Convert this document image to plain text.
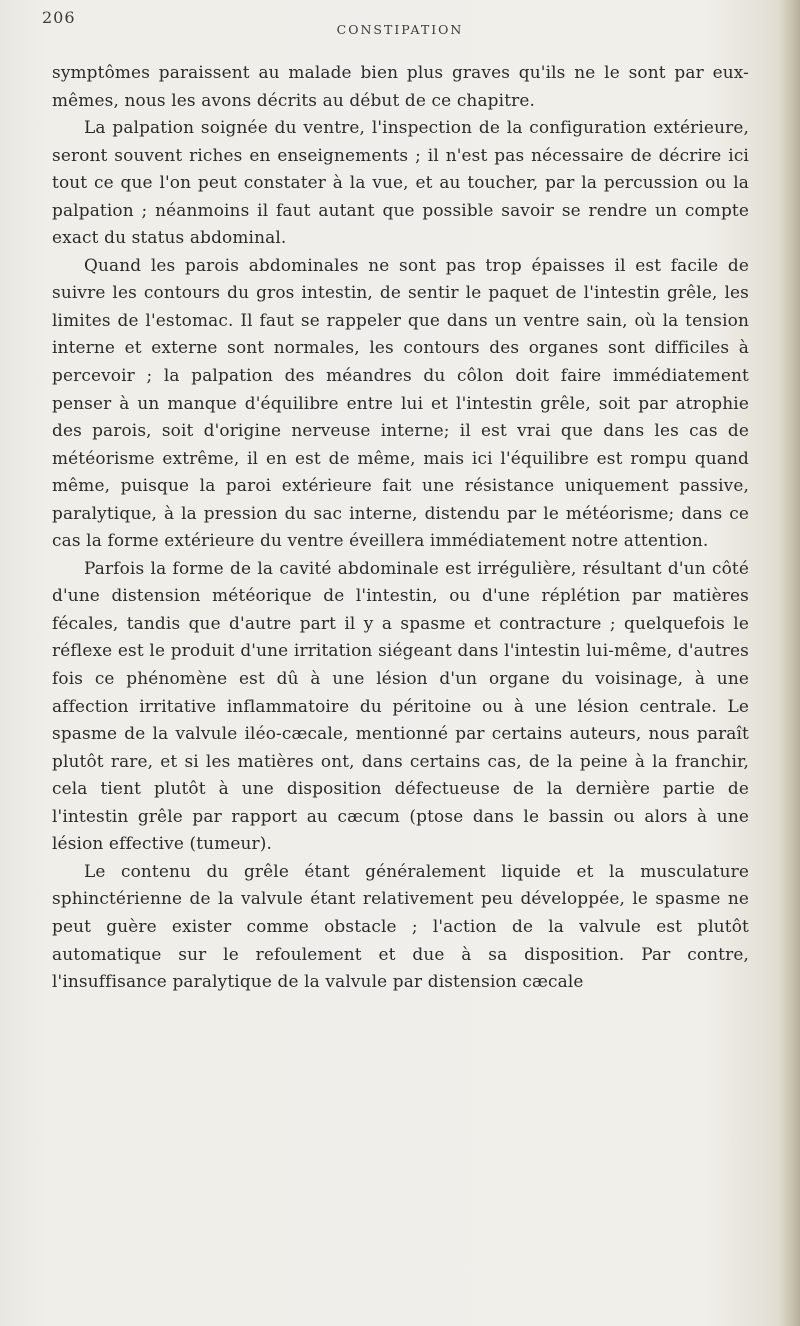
206
CONSTIPATION

symptômes paraissent au malade bien plus graves qu'ils ne le sont par eux-mêmes, nous les avons décrits au début de ce chapitre.

La palpation soignée du ventre, l'inspection de la configuration extérieure, seront souvent riches en enseignements ; il n'est pas nécessaire de décrire ici tout ce que l'on peut constater à la vue, et au toucher, par la percussion ou la palpation ; néanmoins il faut autant que possible savoir se rendre un compte exact du status abdominal.

Quand les parois abdominales ne sont pas trop épaisses il est facile de suivre les contours du gros intestin, de sentir le paquet de l'intestin grêle, les limites de l'estomac. Il faut se rappeler que dans un ventre sain, où la tension interne et externe sont normales, les contours des organes sont difficiles à percevoir ; la palpation des méandres du côlon doit faire immédiatement penser à un manque d'équilibre entre lui et l'intestin grêle, soit par atrophie des parois, soit d'origine nerveuse interne; il est vrai que dans les cas de météorisme extrême, il en est de même, mais ici l'équilibre est rompu quand même, puisque la paroi extérieure fait une résistance uniquement passive, paralytique, à la pression du sac interne, distendu par le météorisme; dans ce cas la forme extérieure du ventre éveillera immédiatement notre attention.

Parfois la forme de la cavité abdominale est irrégulière, résultant d'un côté d'une distension météorique de l'intestin, ou d'une réplétion par matières fécales, tandis que d'autre part il y a spasme et contracture ; quelquefois le réflexe est le produit d'une irritation siégeant dans l'intestin lui-même, d'autres fois ce phénomène est dû à une lésion d'un organe du voisinage, à une affection irritative inflammatoire du péritoine ou à une lésion centrale. Le spasme de la valvule iléo-cæcale, mentionné par certains auteurs, nous paraît plutôt rare, et si les matières ont, dans certains cas, de la peine à la franchir, cela tient plutôt à une disposition défectueuse de la dernière partie de l'intestin grêle par rapport au cæcum (ptose dans le bassin ou alors à une lésion effective (tumeur).

Le contenu du grêle étant généralement liquide et la musculature sphinctérienne de la valvule étant relativement peu développée, le spasme ne peut guère exister comme obstacle ; l'action de la valvule est plutôt automatique sur le refoulement et due à sa disposition. Par contre, l'insuffisance paralytique de la valvule par distension cæcale
